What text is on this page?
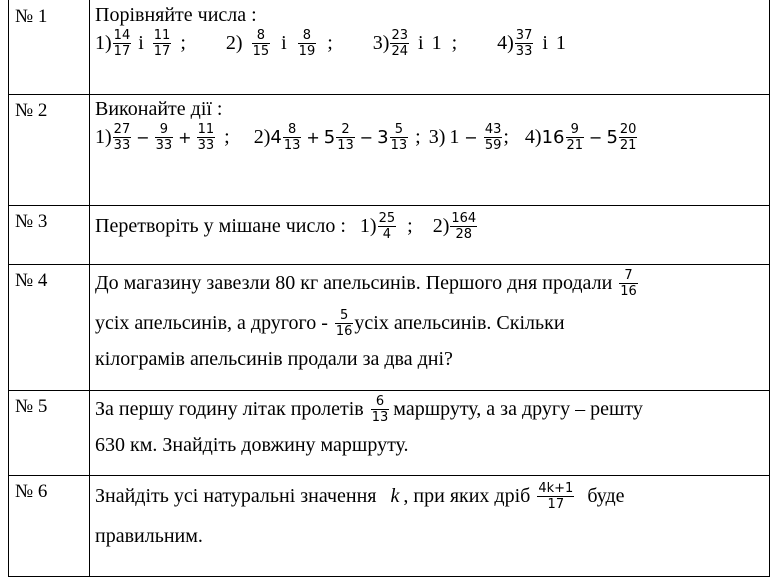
№ 1 Порівняйте числа :
1) 14
17 і 11
17 ; 2) 8
15 і 8
19 ; 3) 23
24 і 1 ; 4) 37
33 і 1
№ 2 Виконайте дії :
1) 27
$33 - \frac{9}{33} + \frac{11}{33}$ ; 2) 4 8
13 + 5 2
13 − 3 5
13 ; 3) $1 - \frac{43}{59}$ ; 4) 16 9
21 − 5 20
21
№ 3 Перетворіть у мішане число : 1) 25
4 ; 2) 164
28
№ 4 До магазину завезли 80 кг апельсинів. Першого дня продали 7
16
усіх апельсинів, а другого - 5
16 усіх апельсинів. Скільки
кілограмів апельсинів продали за два дні?
№ 5 За першу годину літак пролетів 6
13 маршруту, а за другу – решту
630 км. Знайдіть довжину маршруту.
№ 6 Знайдіть усі натуральні значення k , при яких дріб 4k+1
17	буде
правильним.
